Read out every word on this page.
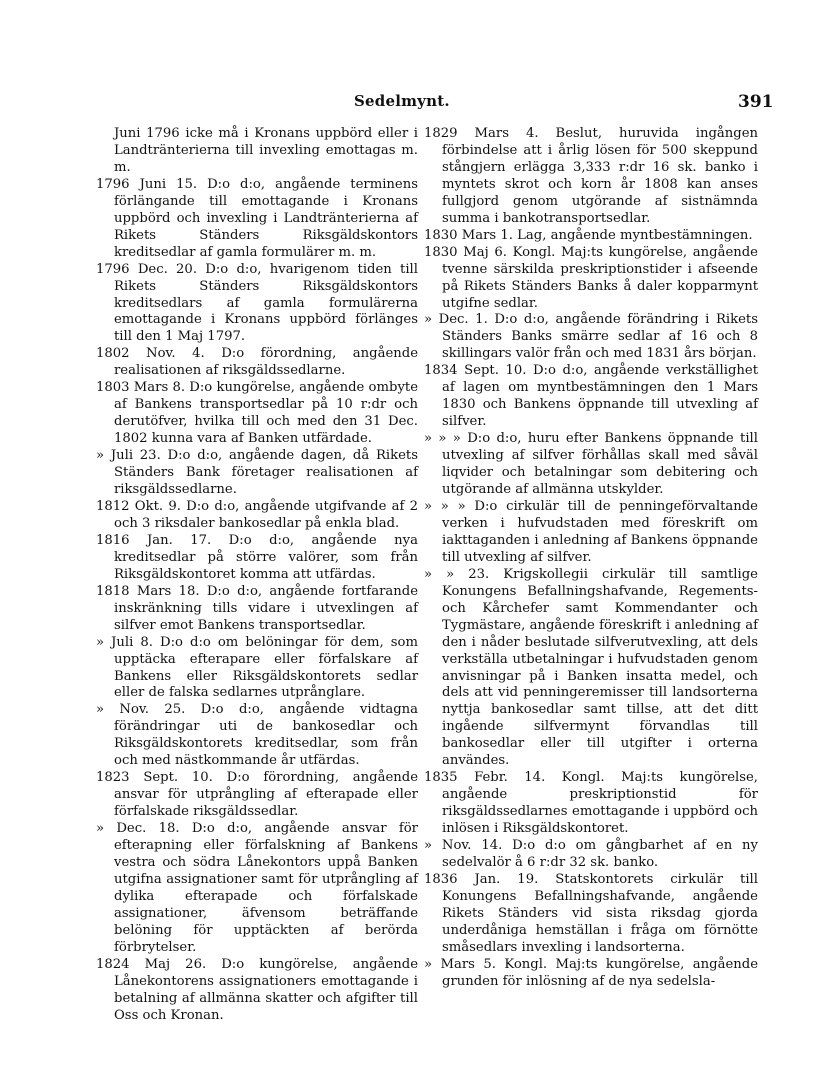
Sedelmynt.	391

Juni 1796 icke må i Kronans uppbörd eller i Landtränterierna till invexling emottagas m. m.

1796 Juni 15. D:o d:o, angående terminens förlängande till emottagande i Kronans uppbörd och invexling i Landtränterierna af Rikets Ständers Riksgäldskontors kreditsedlar af gamla formulärer m. m.

1796 Dec. 20. D:o d:o, hvarigenom tiden till Rikets Ständers Riksgäldskontors kreditsedlars af gamla formulärerna emottagande i Kronans uppbörd förlänges till den 1 Maj 1797.

1802 Nov. 4. D:o förordning, angående realisationen af riksgäldssedlarne.

1803 Mars 8. D:o kungörelse, angående ombyte af Bankens transportsedlar på 10 r:dr och derutöfver, hvilka till och med den 31 Dec. 1802 kunna vara af Banken utfärdade.

» Juli 23. D:o d:o, angående dagen, då Rikets Ständers Bank företager realisationen af riksgäldssedlarne.

1812 Okt. 9. D:o d:o, angående utgifvande af 2 och 3 riksdaler bankosedlar på enkla blad.

1816 Jan. 17. D:o d:o, angående nya kreditsedlar på större valörer, som från Riksgäldskontoret komma att utfärdas.

1818 Mars 18. D:o d:o, angående fortfarande inskränkning tills vidare i utvexlingen af silfver emot Bankens transportsedlar.

» Juli 8. D:o d:o om belöningar för dem, som upptäcka efterapare eller förfalskare af Bankens eller Riksgäldskontorets sedlar eller de falska sedlarnes utprånglare.

» Nov. 25. D:o d:o, angående vidtagna förändringar uti de bankosedlar och Riksgäldskontorets kreditsedlar, som från och med nästkommande år utfärdas.

1823 Sept. 10. D:o förordning, angående ansvar för utprångling af efterapade eller förfalskade riksgäldssedlar.

» Dec. 18. D:o d:o, angående ansvar för efterapning eller förfalskning af Bankens vestra och södra Lånekontors uppå Banken utgifna assignationer samt för utprångling af dylika efterapade och förfalskade assignationer, äfvensom beträffande belöning för upptäckten af berörda förbrytelser.

1824 Maj 26. D:o kungörelse, angående Lånekontorens assignationers emottagande i betalning af allmänna skatter och afgifter till Oss och Kronan.

1829 Mars 4. Beslut, huruvida ingången förbindelse att i årlig lösen för 500 skeppund stångjern erlägga 3,333 r:dr 16 sk. banko i myntets skrot och korn år 1808 kan anses fullgjord genom utgörande af sistnämnda summa i bankotransportsedlar.

1830 Mars 1. Lag, angående myntbestämningen.

1830 Maj 6. Kongl. Maj:ts kungörelse, angående tvenne särskilda preskriptionstider i afseende på Rikets Ständers Banks å daler kopparmynt utgifne sedlar.

» Dec. 1. D:o d:o, angående förändring i Rikets Ständers Banks smärre sedlar af 16 och 8 skillingars valör från och med 1831 års början.

1834 Sept. 10. D:o d:o, angående verkställighet af lagen om myntbestämningen den 1 Mars 1830 och Bankens öppnande till utvexling af silfver.

» » » D:o d:o, huru efter Bankens öppnande till utvexling af silfver förhållas skall med såväl liqvider och betalningar som debitering och utgörande af allmänna utskylder.

» » » D:o cirkulär till de penningeförvaltande verken i hufvudstaden med föreskrift om iakttaganden i anledning af Bankens öppnande till utvexling af silfver.

» » 23. Krigskollegii cirkulär till samtlige Konungens Befallningshafvande, Regements- och Kårchefer samt Kommendanter och Tygmästare, angående föreskrift i anledning af den i nåder beslutade silfverutvexling, att dels verkställa utbetalningar i hufvudstaden genom anvisningar på i Banken insatta medel, och dels att vid penningeremisser till landsorterna nyttja bankosedlar samt tillse, att det ditt ingående silfvermynt förvandlas till bankosedlar eller till utgifter i orterna användes.

1835 Febr. 14. Kongl. Maj:ts kungörelse, angående preskriptionstid för riksgäldssedlarnes emottagande i uppbörd och inlösen i Riksgäldskontoret.

» Nov. 14. D:o d:o om gångbarhet af en ny sedelvalör å 6 r:dr 32 sk. banko.

1836 Jan. 19. Statskontorets cirkulär till Konungens Befallningshafvande, angående Rikets Ständers vid sista riksdag gjorda underdåniga hemställan i fråga om förnötte småsedlars invexling i landsorterna.

» Mars 5. Kongl. Maj:ts kungörelse, angående grunden för inlösning af de nya sedelsla-
